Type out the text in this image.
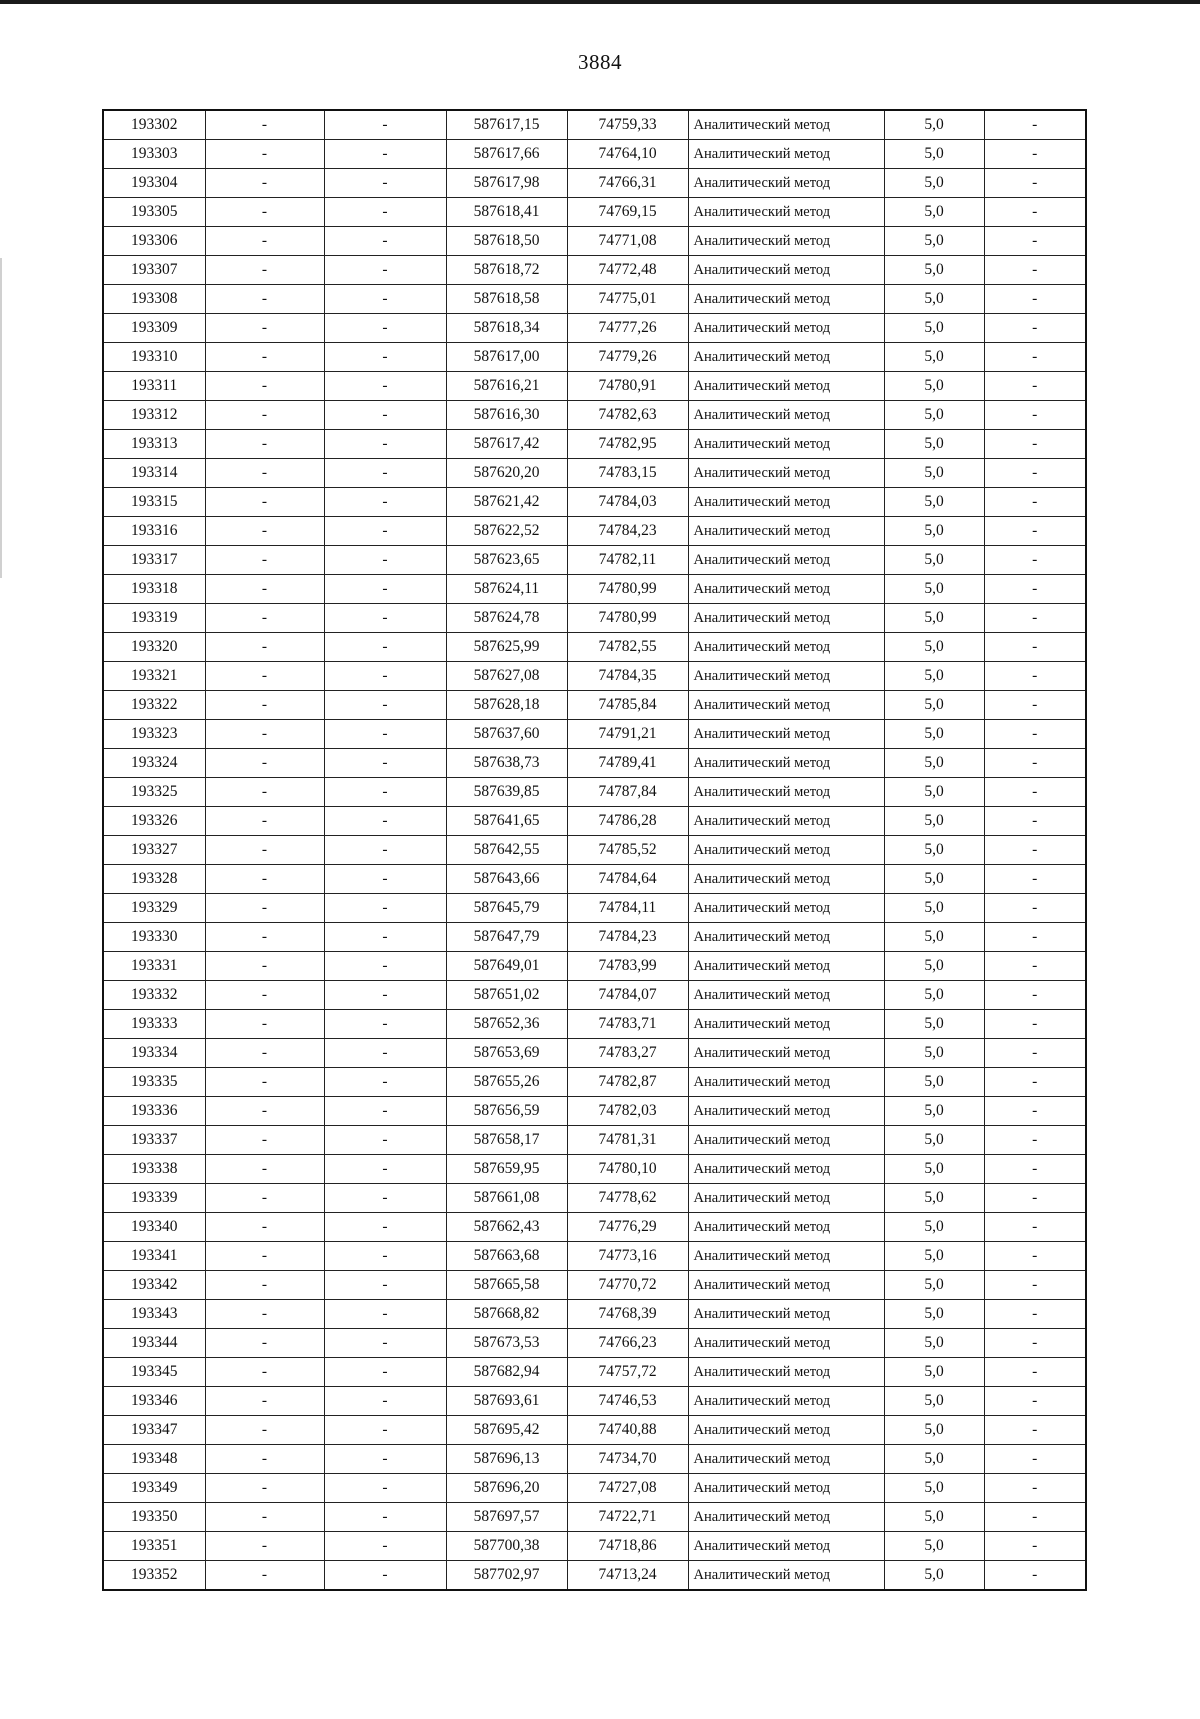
3884
193302	-	-	587617,15	74759,33	Аналитический метод	5,0	-
193303	-	-	587617,66	74764,10	Аналитический метод	5,0	-
193304	-	-	587617,98	74766,31	Аналитический метод	5,0	-
193305	-	-	587618,41	74769,15	Аналитический метод	5,0	-
193306	-	-	587618,50	74771,08	Аналитический метод	5,0	-
193307	-	-	587618,72	74772,48	Аналитический метод	5,0	-
193308	-	-	587618,58	74775,01	Аналитический метод	5,0	-
193309	-	-	587618,34	74777,26	Аналитический метод	5,0	-
193310	-	-	587617,00	74779,26	Аналитический метод	5,0	-
193311	-	-	587616,21	74780,91	Аналитический метод	5,0	-
193312	-	-	587616,30	74782,63	Аналитический метод	5,0	-
193313	-	-	587617,42	74782,95	Аналитический метод	5,0	-
193314	-	-	587620,20	74783,15	Аналитический метод	5,0	-
193315	-	-	587621,42	74784,03	Аналитический метод	5,0	-
193316	-	-	587622,52	74784,23	Аналитический метод	5,0	-
193317	-	-	587623,65	74782,11	Аналитический метод	5,0	-
193318	-	-	587624,11	74780,99	Аналитический метод	5,0	-
193319	-	-	587624,78	74780,99	Аналитический метод	5,0	-
193320	-	-	587625,99	74782,55	Аналитический метод	5,0	-
193321	-	-	587627,08	74784,35	Аналитический метод	5,0	-
193322	-	-	587628,18	74785,84	Аналитический метод	5,0	-
193323	-	-	587637,60	74791,21	Аналитический метод	5,0	-
193324	-	-	587638,73	74789,41	Аналитический метод	5,0	-
193325	-	-	587639,85	74787,84	Аналитический метод	5,0	-
193326	-	-	587641,65	74786,28	Аналитический метод	5,0	-
193327	-	-	587642,55	74785,52	Аналитический метод	5,0	-
193328	-	-	587643,66	74784,64	Аналитический метод	5,0	-
193329	-	-	587645,79	74784,11	Аналитический метод	5,0	-
193330	-	-	587647,79	74784,23	Аналитический метод	5,0	-
193331	-	-	587649,01	74783,99	Аналитический метод	5,0	-
193332	-	-	587651,02	74784,07	Аналитический метод	5,0	-
193333	-	-	587652,36	74783,71	Аналитический метод	5,0	-
193334	-	-	587653,69	74783,27	Аналитический метод	5,0	-
193335	-	-	587655,26	74782,87	Аналитический метод	5,0	-
193336	-	-	587656,59	74782,03	Аналитический метод	5,0	-
193337	-	-	587658,17	74781,31	Аналитический метод	5,0	-
193338	-	-	587659,95	74780,10	Аналитический метод	5,0	-
193339	-	-	587661,08	74778,62	Аналитический метод	5,0	-
193340	-	-	587662,43	74776,29	Аналитический метод	5,0	-
193341	-	-	587663,68	74773,16	Аналитический метод	5,0	-
193342	-	-	587665,58	74770,72	Аналитический метод	5,0	-
193343	-	-	587668,82	74768,39	Аналитический метод	5,0	-
193344	-	-	587673,53	74766,23	Аналитический метод	5,0	-
193345	-	-	587682,94	74757,72	Аналитический метод	5,0	-
193346	-	-	587693,61	74746,53	Аналитический метод	5,0	-
193347	-	-	587695,42	74740,88	Аналитический метод	5,0	-
193348	-	-	587696,13	74734,70	Аналитический метод	5,0	-
193349	-	-	587696,20	74727,08	Аналитический метод	5,0	-
193350	-	-	587697,57	74722,71	Аналитический метод	5,0	-
193351	-	-	587700,38	74718,86	Аналитический метод	5,0	-
193352	-	-	587702,97	74713,24	Аналитический метод	5,0	-
